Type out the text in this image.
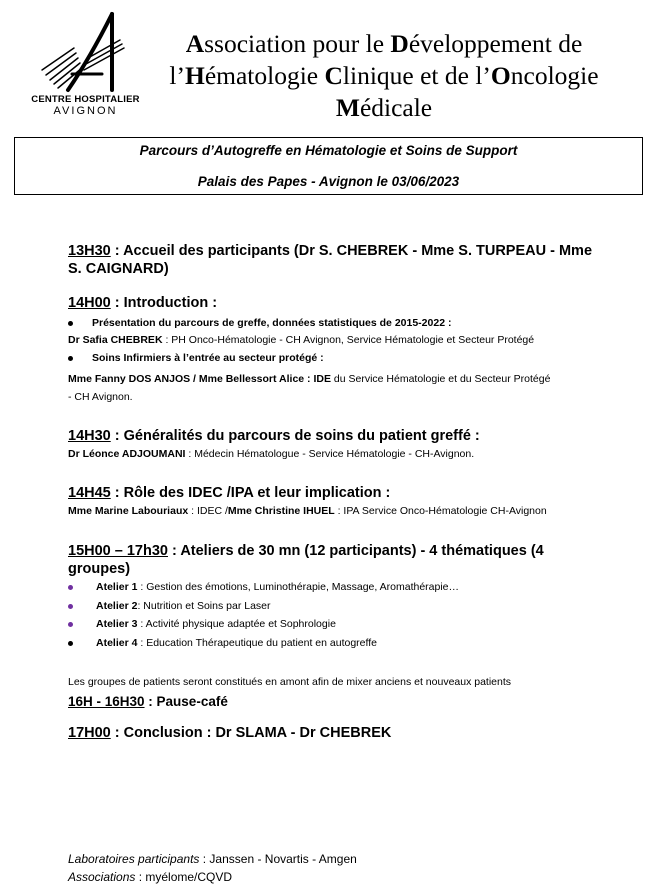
CENTRE HOSPITALIER
AVIGNON
Association pour le Développement de
l’Hématologie Clinique et de l’Oncologie
Médicale
Parcours d’Autogreffe en Hématologie et Soins de Support
Palais des Papes - Avignon le 03/06/2023
13H30 : Accueil des participants (Dr S. CHEBREK - Mme S. TURPEAU - Mme
S. CAIGNARD)
14H00 : Introduction :
Présentation du parcours de greffe, données statistiques de 2015-2022 :
Dr Safia CHEBREK : PH Onco-Hématologie - CH Avignon, Service Hématologie et Secteur Protégé
Soins Infirmiers à l’entrée au secteur protégé :
Mme Fanny DOS ANJOS / Mme Bellessort Alice : IDE du Service Hématologie et du Secteur Protégé
- CH Avignon.
14H30 : Généralités du parcours de soins du patient greffé :
Dr Léonce ADJOUMANI : Médecin Hématologue - Service Hématologie - CH-Avignon.
14H45 : Rôle des IDEC /IPA et leur implication :
Mme Marine Labouriaux : IDEC /Mme Christine IHUEL : IPA Service Onco-Hématologie CH-Avignon
15H00 – 17h30 : Ateliers de 30 mn (12 participants) - 4 thématiques (4
groupes)
Atelier 1 : Gestion des émotions, Luminothérapie, Massage, Aromathérapie…
Atelier 2: Nutrition et Soins par Laser
Atelier 3 : Activité physique adaptée et Sophrologie
Atelier 4 : Education Thérapeutique du patient en autogreffe
Les groupes de patients seront constitués en amont afin de mixer anciens et nouveaux patients
16H - 16H30 : Pause-café
17H00 : Conclusion : Dr SLAMA - Dr CHEBREK
Laboratoires participants : Janssen - Novartis - Amgen
Associations : myélome/CQVD
